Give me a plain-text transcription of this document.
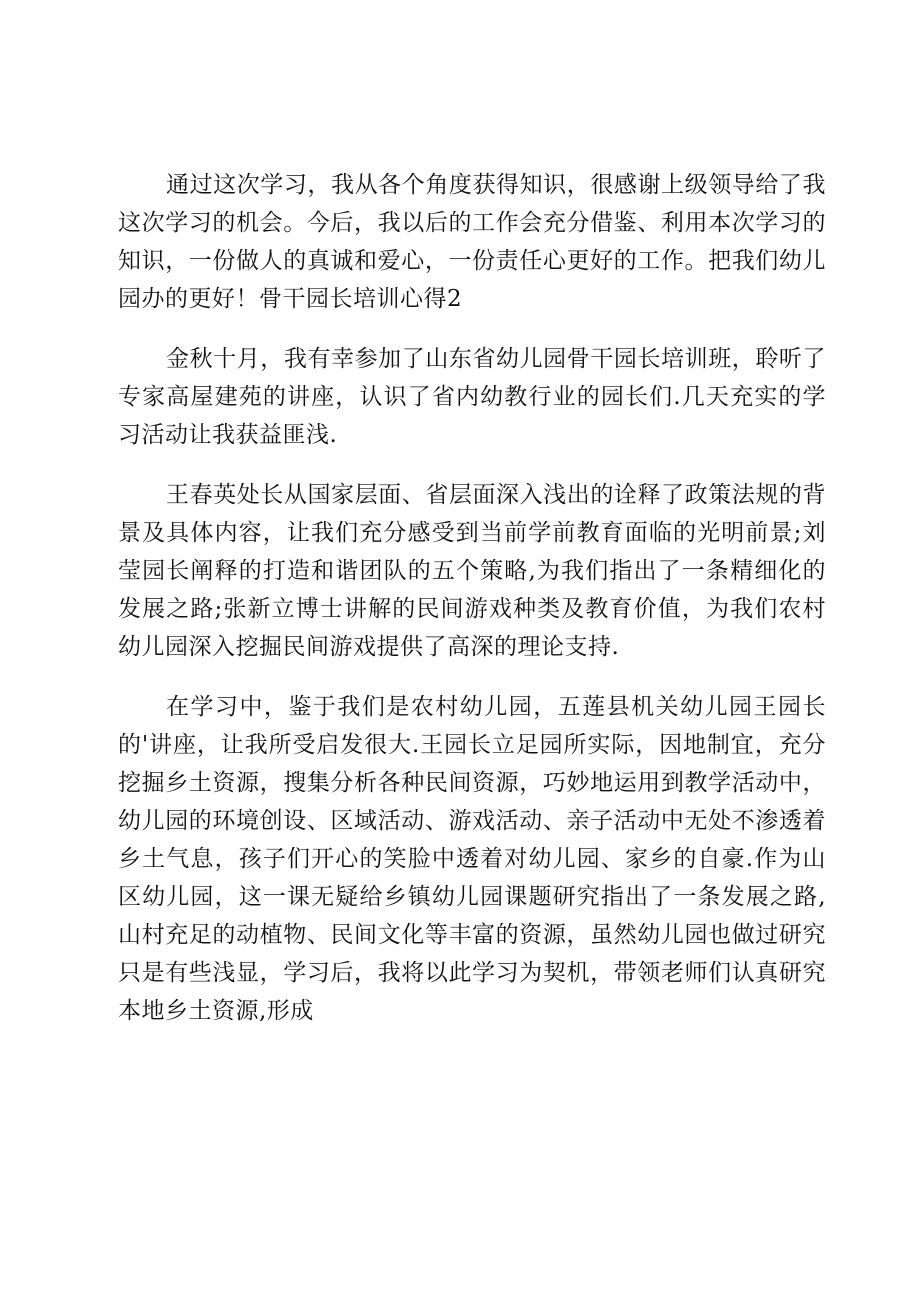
通过这次学习，我从各个角度获得知识，很感谢上级领导给了我这次学习的机会。今后，我以后的工作会充分借鉴、利用本次学习的知识，一份做人的真诚和爱心，一份责任心更好的工作。把我们幼儿园办的更好！骨干园长培训心得2

金秋十月，我有幸参加了山东省幼儿园骨干园长培训班，聆听了专家高屋建苑的讲座，认识了省内幼教行业的园长们.几天充实的学习活动让我获益匪浅.

王春英处长从国家层面、省层面深入浅出的诠释了政策法规的背景及具体内容，让我们充分感受到当前学前教育面临的光明前景;刘莹园长阐释的打造和谐团队的五个策略,为我们指出了一条精细化的发展之路;张新立博士讲解的民间游戏种类及教育价值，为我们农村幼儿园深入挖掘民间游戏提供了高深的理论支持.

在学习中，鉴于我们是农村幼儿园，五莲县机关幼儿园王园长的'讲座，让我所受启发很大.王园长立足园所实际，因地制宜，充分挖掘乡土资源，搜集分析各种民间资源，巧妙地运用到教学活动中，幼儿园的环境创设、区域活动、游戏活动、亲子活动中无处不渗透着乡土气息，孩子们开心的笑脸中透着对幼儿园、家乡的自豪.作为山区幼儿园，这一课无疑给乡镇幼儿园课题研究指出了一条发展之路,山村充足的动植物、民间文化等丰富的资源，虽然幼儿园也做过研究只是有些浅显，学习后，我将以此学习为契机，带领老师们认真研究本地乡土资源,形成
